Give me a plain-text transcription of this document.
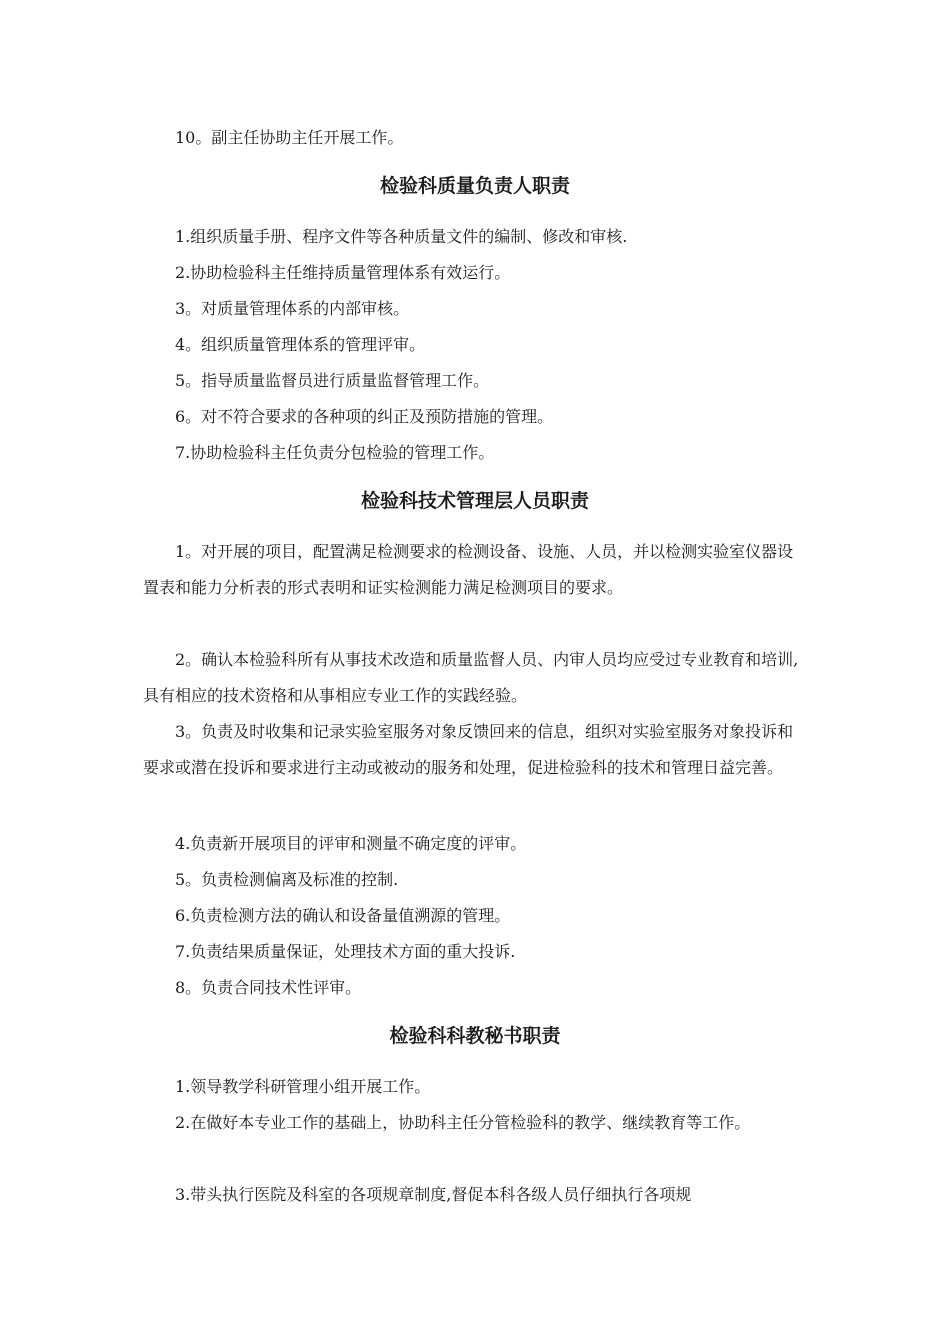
10。副主任协助主任开展工作。

检验科质量负责人职责

1.组织质量手册、程序文件等各种质量文件的编制、修改和审核.

2.协助检验科主任维持质量管理体系有效运行。

3。对质量管理体系的内部审核。

4。组织质量管理体系的管理评审。

5。指导质量监督员进行质量监督管理工作。

6。对不符合要求的各种项的纠正及预防措施的管理。

7.协助检验科主任负责分包检验的管理工作。

检验科技术管理层人员职责

1。对开展的项目，配置满足检测要求的检测设备、设施、人员，并以检测实验室仪器设置表和能力分析表的形式表明和证实检测能力满足检测项目的要求。

2。确认本检验科所有从事技术改造和质量监督人员、内审人员均应受过专业教育和培训,具有相应的技术资格和从事相应专业工作的实践经验。

3。负责及时收集和记录实验室服务对象反馈回来的信息，组织对实验室服务对象投诉和要求或潜在投诉和要求进行主动或被动的服务和处理，促进检验科的技术和管理日益完善。

4.负责新开展项目的评审和测量不确定度的评审。

5。负责检测偏离及标准的控制.

6.负责检测方法的确认和设备量值溯源的管理。

7.负责结果质量保证，处理技术方面的重大投诉.

8。负责合同技术性评审。

检验科科教秘书职责

1.领导教学科研管理小组开展工作。

2.在做好本专业工作的基础上，协助科主任分管检验科的教学、继续教育等工作。

3.带头执行医院及科室的各项规章制度,督促本科各级人员仔细执行各项规
